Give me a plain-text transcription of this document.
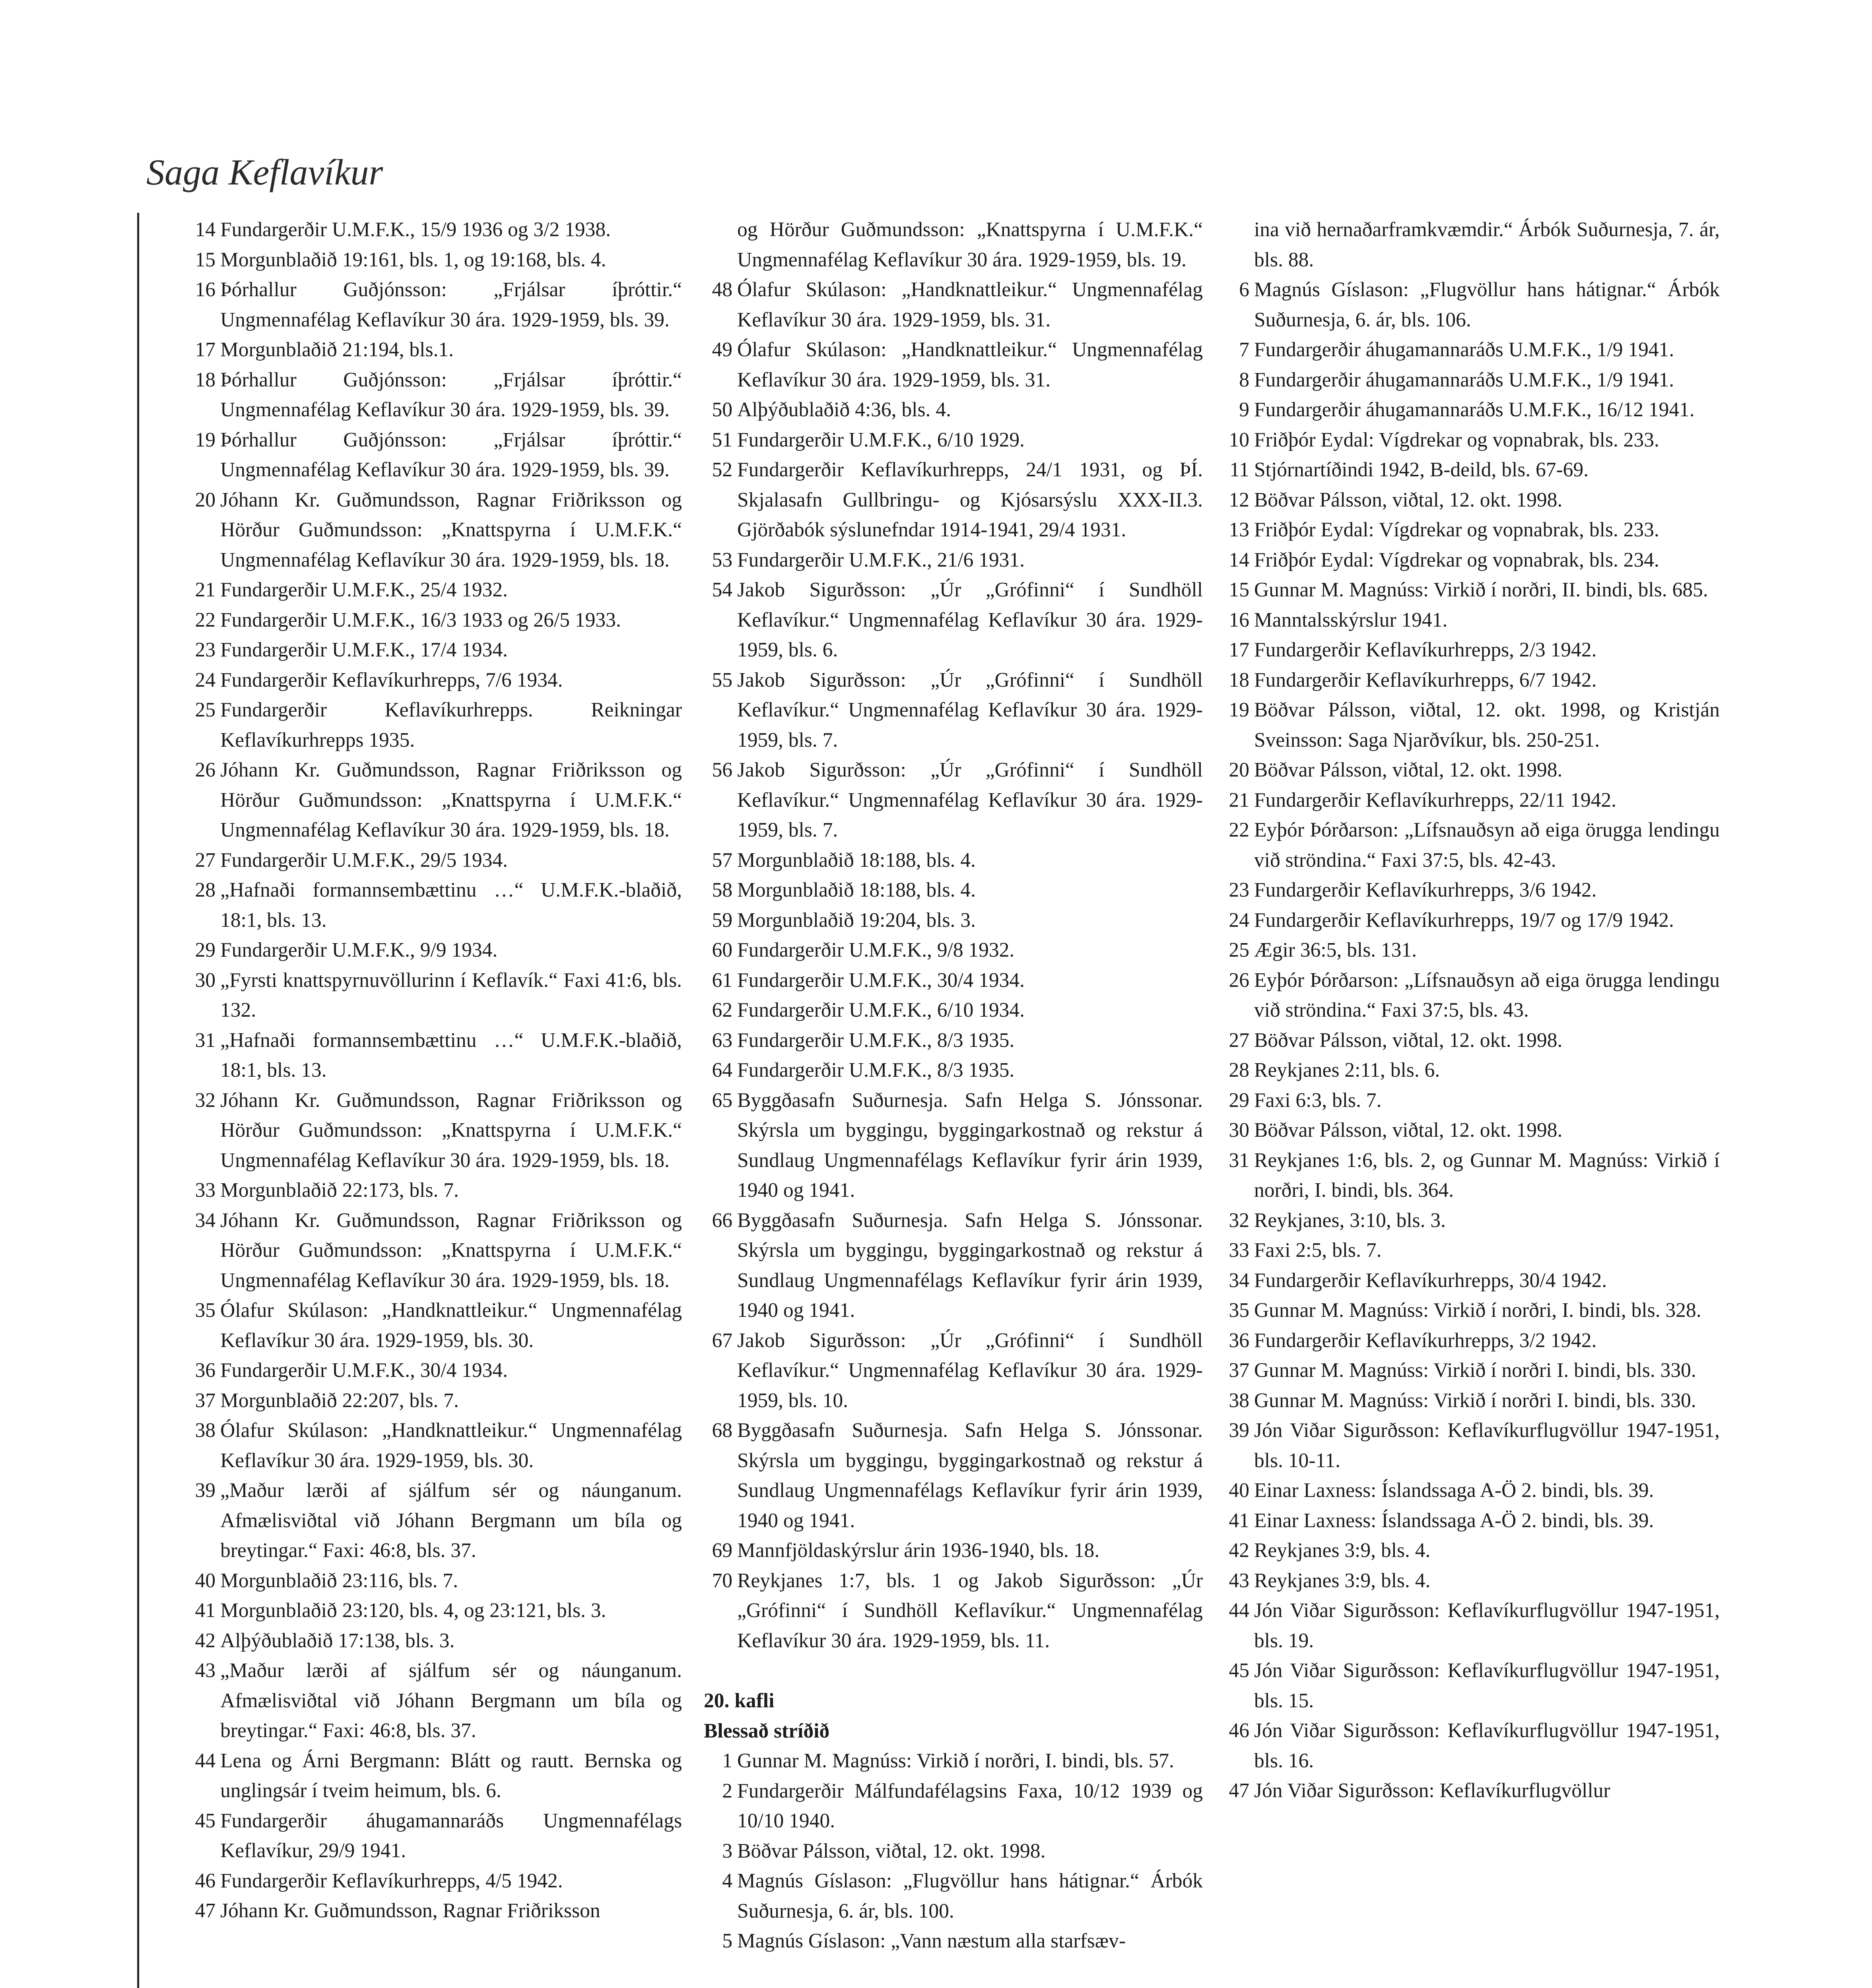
Saga Keflavíkur
14 Fundargerðir U.M.F.K., 15/9 1936 og 3/2 1938.
15 Morgunblaðið 19:161, bls. 1, og 19:168, bls. 4.
16 Þórhallur Guðjónsson: „Frjálsar íþróttir.“ Ungmennafélag Keflavíkur 30 ára. 1929-1959, bls. 39.
17 Morgunblaðið 21:194, bls.1.
18 Þórhallur Guðjónsson: „Frjálsar íþróttir.“ Ungmennafélag Keflavíkur 30 ára. 1929-1959, bls. 39.
19 Þórhallur Guðjónsson: „Frjálsar íþróttir.“ Ungmennafélag Keflavíkur 30 ára. 1929-1959, bls. 39.
20 Jóhann Kr. Guðmundsson, Ragnar Friðriksson og Hörður Guðmundsson: „Knattspyrna í U.M.F.K.“ Ungmennafélag Keflavíkur 30 ára. 1929-1959, bls. 18.
21 Fundargerðir U.M.F.K., 25/4 1932.
22 Fundargerðir U.M.F.K., 16/3 1933 og 26/5 1933.
23 Fundargerðir U.M.F.K., 17/4 1934.
24 Fundargerðir Keflavíkurhrepps, 7/6 1934.
25 Fundargerðir Keflavíkurhrepps. Reikningar Keflavíkurhrepps 1935.
26 Jóhann Kr. Guðmundsson, Ragnar Friðriksson og Hörður Guðmundsson: „Knattspyrna í U.M.F.K.“ Ungmennafélag Keflavíkur 30 ára. 1929-1959, bls. 18.
27 Fundargerðir U.M.F.K., 29/5 1934.
28 „Hafnaði formannsembættinu …“ U.M.F.K.-blaðið, 18:1, bls. 13.
29 Fundargerðir U.M.F.K., 9/9 1934.
30 „Fyrsti knattspyrnuvöllurinn í Keflavík.“ Faxi 41:6, bls. 132.
31 „Hafnaði formannsembættinu …“ U.M.F.K.-blaðið, 18:1, bls. 13.
32 Jóhann Kr. Guðmundsson, Ragnar Friðriksson og Hörður Guðmundsson: „Knattspyrna í U.M.F.K.“ Ungmennafélag Keflavíkur 30 ára. 1929-1959, bls. 18.
33 Morgunblaðið 22:173, bls. 7.
34 Jóhann Kr. Guðmundsson, Ragnar Friðriksson og Hörður Guðmundsson: „Knattspyrna í U.M.F.K.“ Ungmennafélag Keflavíkur 30 ára. 1929-1959, bls. 18.
35 Ólafur Skúlason: „Handknattleikur.“ Ungmennafélag Keflavíkur 30 ára. 1929-1959, bls. 30.
36 Fundargerðir U.M.F.K., 30/4 1934.
37 Morgunblaðið 22:207, bls. 7.
38 Ólafur Skúlason: „Handknattleikur.“ Ungmennafélag Keflavíkur 30 ára. 1929-1959, bls. 30.
39 „Maður lærði af sjálfum sér og náunganum. Afmælisviðtal við Jóhann Bergmann um bíla og breytingar.“ Faxi: 46:8, bls. 37.
40 Morgunblaðið 23:116, bls. 7.
41 Morgunblaðið 23:120, bls. 4, og 23:121, bls. 3.
42 Alþýðublaðið 17:138, bls. 3.
43 „Maður lærði af sjálfum sér og náunganum. Afmælisviðtal við Jóhann Bergmann um bíla og breytingar.“ Faxi: 46:8, bls. 37.
44 Lena og Árni Bergmann: Blátt og rautt. Bernska og unglingsár í tveim heimum, bls. 6.
45 Fundargerðir áhugamannaráðs Ungmennafélags Keflavíkur, 29/9 1941.
46 Fundargerðir Keflavíkurhrepps, 4/5 1942.
47 Jóhann Kr. Guðmundsson, Ragnar Friðriksson
og Hörður Guðmundsson: „Knattspyrna í U.M.F.K.“ Ungmennafélag Keflavíkur 30 ára. 1929-1959, bls. 19.
48 Ólafur Skúlason: „Handknattleikur.“ Ungmennafélag Keflavíkur 30 ára. 1929-1959, bls. 31.
49 Ólafur Skúlason: „Handknattleikur.“ Ungmennafélag Keflavíkur 30 ára. 1929-1959, bls. 31.
50 Alþýðublaðið 4:36, bls. 4.
51 Fundargerðir U.M.F.K., 6/10 1929.
52 Fundargerðir Keflavíkurhrepps, 24/1 1931, og ÞÍ. Skjalasafn Gullbringu- og Kjósarsýslu XXX-II.3. Gjörðabók sýslunefndar 1914-1941, 29/4 1931.
53 Fundargerðir U.M.F.K., 21/6 1931.
54 Jakob Sigurðsson: „Úr „Grófinni“ í Sundhöll Keflavíkur.“ Ungmennafélag Keflavíkur 30 ára. 1929-1959, bls. 6.
55 Jakob Sigurðsson: „Úr „Grófinni“ í Sundhöll Keflavíkur.“ Ungmennafélag Keflavíkur 30 ára. 1929-1959, bls. 7.
56 Jakob Sigurðsson: „Úr „Grófinni“ í Sundhöll Keflavíkur.“ Ungmennafélag Keflavíkur 30 ára. 1929-1959, bls. 7.
57 Morgunblaðið 18:188, bls. 4.
58 Morgunblaðið 18:188, bls. 4.
59 Morgunblaðið 19:204, bls. 3.
60 Fundargerðir U.M.F.K., 9/8 1932.
61 Fundargerðir U.M.F.K., 30/4 1934.
62 Fundargerðir U.M.F.K., 6/10 1934.
63 Fundargerðir U.M.F.K., 8/3 1935.
64 Fundargerðir U.M.F.K., 8/3 1935.
65 Byggðasafn Suðurnesja. Safn Helga S. Jónssonar. Skýrsla um byggingu, byggingarkostnað og rekstur á Sundlaug Ungmennafélags Keflavíkur fyrir árin 1939, 1940 og 1941.
66 Byggðasafn Suðurnesja. Safn Helga S. Jónssonar. Skýrsla um byggingu, byggingarkostnað og rekstur á Sundlaug Ungmennafélags Keflavíkur fyrir árin 1939, 1940 og 1941.
67 Jakob Sigurðsson: „Úr „Grófinni“ í Sundhöll Keflavíkur.“ Ungmennafélag Keflavíkur 30 ára. 1929-1959, bls. 10.
68 Byggðasafn Suðurnesja. Safn Helga S. Jónssonar. Skýrsla um byggingu, byggingarkostnað og rekstur á Sundlaug Ungmennafélags Keflavíkur fyrir árin 1939, 1940 og 1941.
69 Mannfjöldaskýrslur árin 1936-1940, bls. 18.
70 Reykjanes 1:7, bls. 1 og Jakob Sigurðsson: „Úr „Grófinni“ í Sundhöll Keflavíkur.“ Ungmennafélag Keflavíkur 30 ára. 1929-1959, bls. 11.
20. kafli
Blessað stríðið
1 Gunnar M. Magnúss: Virkið í norðri, I. bindi, bls. 57.
2 Fundargerðir Málfundafélagsins Faxa, 10/12 1939 og 10/10 1940.
3 Böðvar Pálsson, viðtal, 12. okt. 1998.
4 Magnús Gíslason: „Flugvöllur hans hátignar.“ Árbók Suðurnesja, 6. ár, bls. 100.
5 Magnús Gíslason: „Vann næstum alla starfsæv-
ina við hernaðarframkvæmdir.“ Árbók Suðurnesja, 7. ár, bls. 88.
6 Magnús Gíslason: „Flugvöllur hans hátignar.“ Árbók Suðurnesja, 6. ár, bls. 106.
7 Fundargerðir áhugamannaráðs U.M.F.K., 1/9 1941.
8 Fundargerðir áhugamannaráðs U.M.F.K., 1/9 1941.
9 Fundargerðir áhugamannaráðs U.M.F.K., 16/12 1941.
10 Friðþór Eydal: Vígdrekar og vopnabrak, bls. 233.
11 Stjórnartíðindi 1942, B-deild, bls. 67-69.
12 Böðvar Pálsson, viðtal, 12. okt. 1998.
13 Friðþór Eydal: Vígdrekar og vopnabrak, bls. 233.
14 Friðþór Eydal: Vígdrekar og vopnabrak, bls. 234.
15 Gunnar M. Magnúss: Virkið í norðri, II. bindi, bls. 685.
16 Manntalsskýrslur 1941.
17 Fundargerðir Keflavíkurhrepps, 2/3 1942.
18 Fundargerðir Keflavíkurhrepps, 6/7 1942.
19 Böðvar Pálsson, viðtal, 12. okt. 1998, og Kristján Sveinsson: Saga Njarðvíkur, bls. 250-251.
20 Böðvar Pálsson, viðtal, 12. okt. 1998.
21 Fundargerðir Keflavíkurhrepps, 22/11 1942.
22 Eyþór Þórðarson: „Lífsnauðsyn að eiga örugga lendingu við ströndina.“ Faxi 37:5, bls. 42-43.
23 Fundargerðir Keflavíkurhrepps, 3/6 1942.
24 Fundargerðir Keflavíkurhrepps, 19/7 og 17/9 1942.
25 Ægir 36:5, bls. 131.
26 Eyþór Þórðarson: „Lífsnauðsyn að eiga örugga lendingu við ströndina.“ Faxi 37:5, bls. 43.
27 Böðvar Pálsson, viðtal, 12. okt. 1998.
28 Reykjanes 2:11, bls. 6.
29 Faxi 6:3, bls. 7.
30 Böðvar Pálsson, viðtal, 12. okt. 1998.
31 Reykjanes 1:6, bls. 2, og Gunnar M. Magnúss: Virkið í norðri, I. bindi, bls. 364.
32 Reykjanes, 3:10, bls. 3.
33 Faxi 2:5, bls. 7.
34 Fundargerðir Keflavíkurhrepps, 30/4 1942.
35 Gunnar M. Magnúss: Virkið í norðri, I. bindi, bls. 328.
36 Fundargerðir Keflavíkurhrepps, 3/2 1942.
37 Gunnar M. Magnúss: Virkið í norðri I. bindi, bls. 330.
38 Gunnar M. Magnúss: Virkið í norðri I. bindi, bls. 330.
39 Jón Viðar Sigurðsson: Keflavíkurflugvöllur 1947-1951, bls. 10-11.
40 Einar Laxness: Íslandssaga A-Ö 2. bindi, bls. 39.
41 Einar Laxness: Íslandssaga A-Ö 2. bindi, bls. 39.
42 Reykjanes 3:9, bls. 4.
43 Reykjanes 3:9, bls. 4.
44 Jón Viðar Sigurðsson: Keflavíkurflugvöllur 1947-1951, bls. 19.
45 Jón Viðar Sigurðsson: Keflavíkurflugvöllur 1947-1951, bls. 15.
46 Jón Viðar Sigurðsson: Keflavíkurflugvöllur 1947-1951, bls. 16.
47 Jón Viðar Sigurðsson: Keflavíkurflugvöllur
